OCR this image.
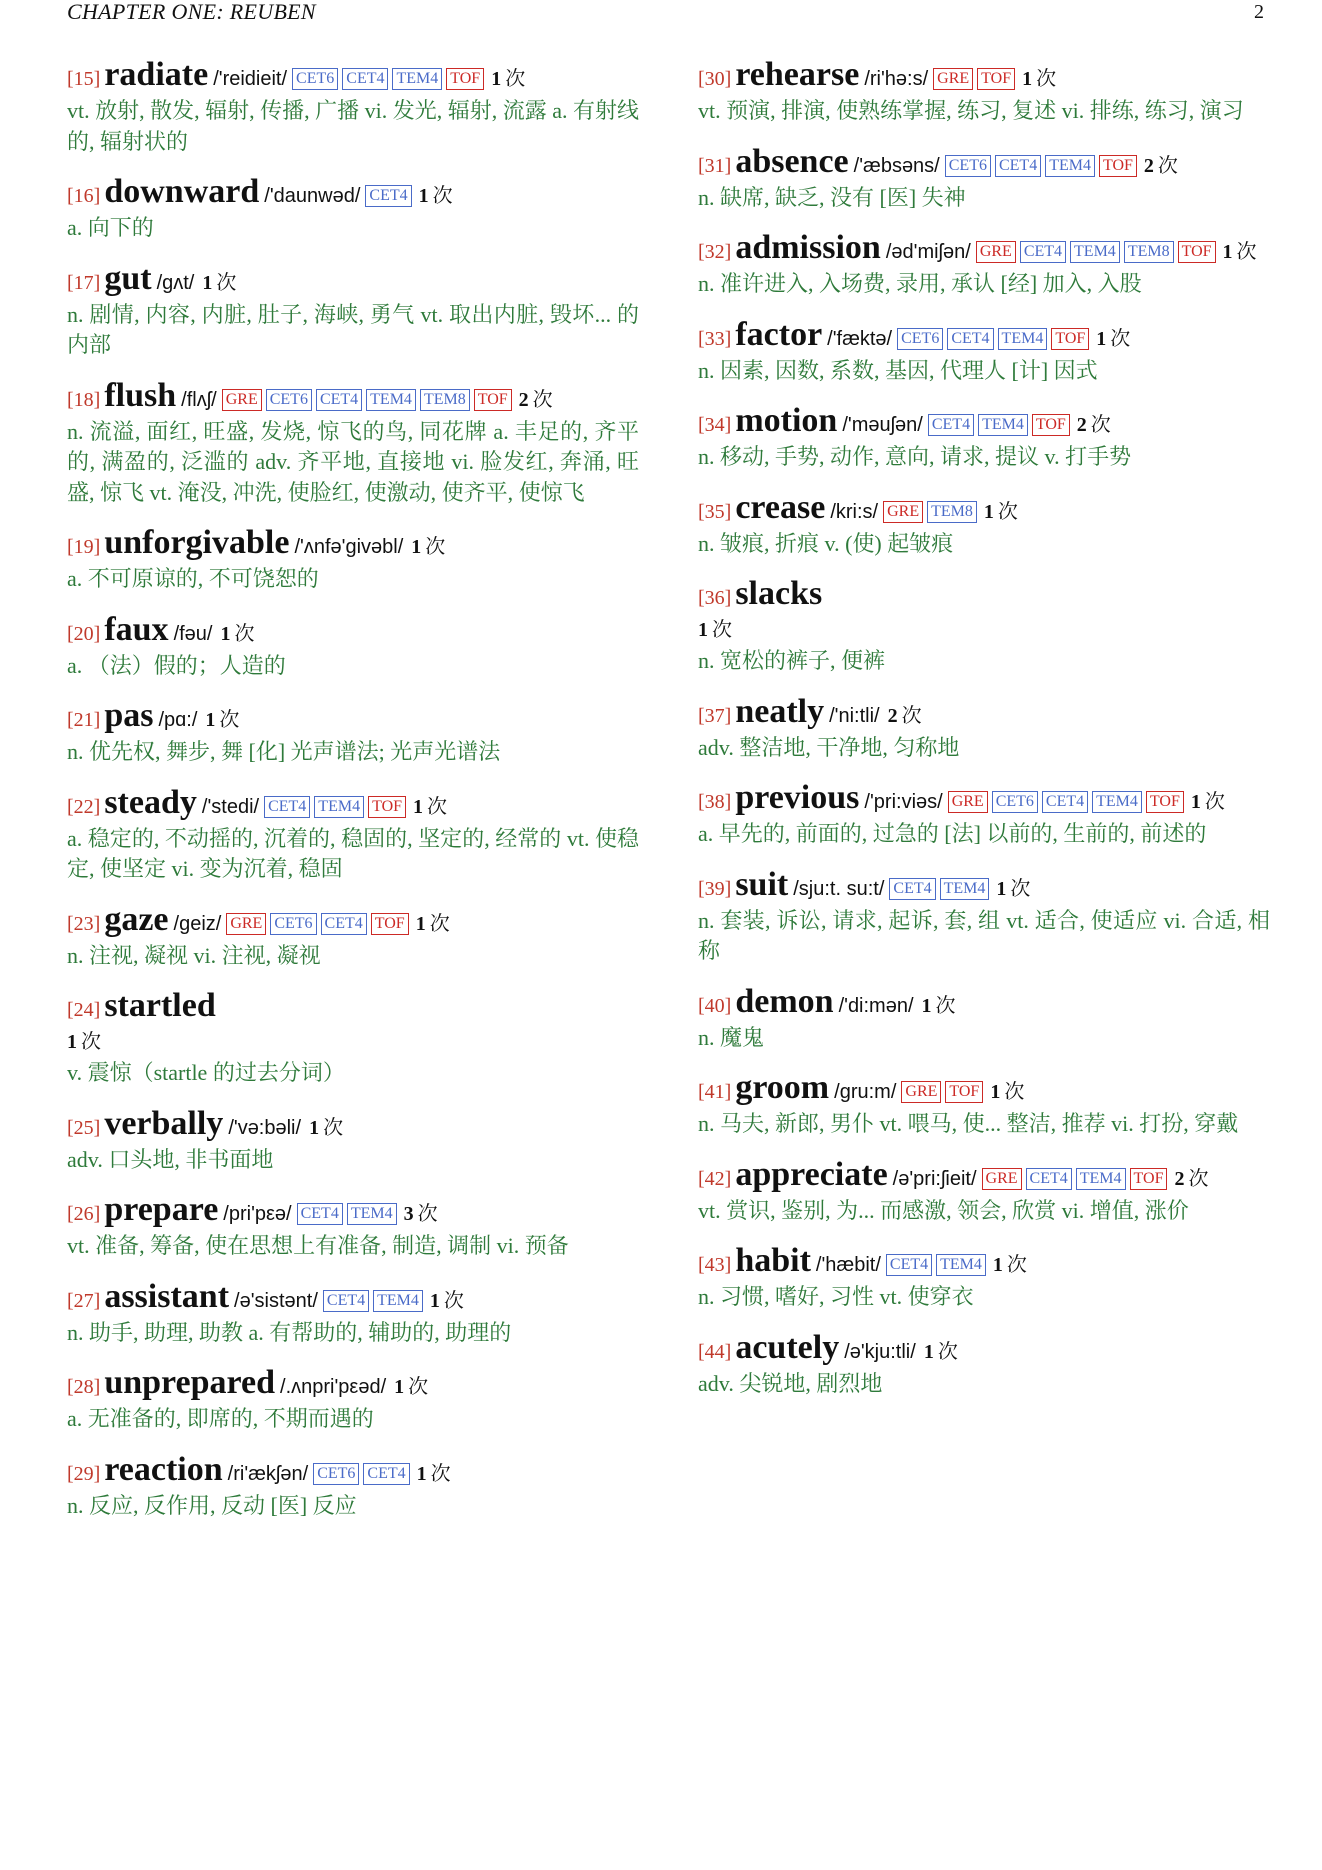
CHAPTER ONE: REUBEN	2
[15] radiate /'reidieit/ CET6 CET4 TEM4 TOF 1 次
vt. 放射, 散发, 辐射, 传播, 广播 vi. 发光, 辐射, 流露 a. 有射线的, 辐射状的
[16] downward /'daunwəd/ CET4 1 次
a. 向下的
[17] gut /gʌt/ 1 次
n. 剧情, 内容, 内脏, 肚子, 海峡, 勇气 vt. 取出内脏, 毁坏... 的内部
[18] flush /flʌʃ/ GRE CET6 CET4 TEM4 TEM8 TOF 2 次
n. 流溢, 面红, 旺盛, 发烧, 惊飞的鸟, 同花牌 a. 丰足的, 齐平的, 满盈的, 泛滥的 adv. 齐平地, 直接地 vi. 脸发红, 奔涌, 旺盛, 惊飞 vt. 淹没, 冲洗, 使脸红, 使激动, 使齐平, 使惊飞
[19] unforgivable /'ʌnfə'givəbl/ 1 次
a. 不可原谅的, 不可饶恕的
[20] faux /fəu/ 1 次
a. （法）假的；人造的
[21] pas /pɑ:/ 1 次
n. 优先权, 舞步, 舞 [化] 光声谱法; 光声光谱法
[22] steady /'stedi/ CET4 TEM4 TOF 1 次
a. 稳定的, 不动摇的, 沉着的, 稳固的, 坚定的, 经常的 vt. 使稳定, 使坚定 vi. 变为沉着, 稳固
[23] gaze /geiz/ GRE CET6 CET4 TOF 1 次
n. 注视, 凝视 vi. 注视, 凝视
[24] startled
1 次
v. 震惊（startle 的过去分词）
[25] verbally /'və:bəli/ 1 次
adv. 口头地, 非书面地
[26] prepare /pri'pεə/ CET4 TEM4 3 次
vt. 准备, 筹备, 使在思想上有准备, 制造, 调制 vi. 预备
[27] assistant /ə'sistənt/ CET4 TEM4 1 次
n. 助手, 助理, 助教 a. 有帮助的, 辅助的, 助理的
[28] unprepared /.ʌnpri'pεəd/ 1 次
a. 无准备的, 即席的, 不期而遇的
[29] reaction /ri'ækʃən/ CET6 CET4 1 次
n. 反应, 反作用, 反动 [医] 反应
[30] rehearse /ri'hə:s/ GRE TOF 1 次
vt. 预演, 排演, 使熟练掌握, 练习, 复述 vi. 排练, 练习, 演习
[31] absence /'æbsəns/ CET6 CET4 TEM4 TOF 2 次
n. 缺席, 缺乏, 没有 [医] 失神
[32] admission /əd'miʃən/ GRE CET4 TEM4 TEM8 TOF 1 次
n. 准许进入, 入场费, 录用, 承认 [经] 加入, 入股
[33] factor /'fæktə/ CET6 CET4 TEM4 TOF 1 次
n. 因素, 因数, 系数, 基因, 代理人 [计] 因式
[34] motion /'məuʃən/ CET4 TEM4 TOF 2 次
n. 移动, 手势, 动作, 意向, 请求, 提议 v. 打手势
[35] crease /kri:s/ GRE TEM8 1 次
n. 皱痕, 折痕 v. (使) 起皱痕
[36] slacks
1 次
n. 宽松的裤子, 便裤
[37] neatly /'ni:tli/ 2 次
adv. 整洁地, 干净地, 匀称地
[38] previous /'pri:viəs/ GRE CET6 CET4 TEM4 TOF 1 次
a. 早先的, 前面的, 过急的 [法] 以前的, 生前的, 前述的
[39] suit /sju:t. su:t/ CET4 TEM4 1 次
n. 套装, 诉讼, 请求, 起诉, 套, 组 vt. 适合, 使适应 vi. 合适, 相称
[40] demon /'di:mən/ 1 次
n. 魔鬼
[41] groom /gru:m/ GRE TOF 1 次
n. 马夫, 新郎, 男仆 vt. 喂马, 使... 整洁, 推荐 vi. 打扮, 穿戴
[42] appreciate /ə'pri:ʃieit/ GRE CET4 TEM4 TOF 2 次
vt. 赏识, 鉴别, 为... 而感激, 领会, 欣赏 vi. 增值, 涨价
[43] habit /'hæbit/ CET4 TEM4 1 次
n. 习惯, 嗜好, 习性 vt. 使穿衣
[44] acutely /ə'kju:tli/ 1 次
adv. 尖锐地, 剧烈地
